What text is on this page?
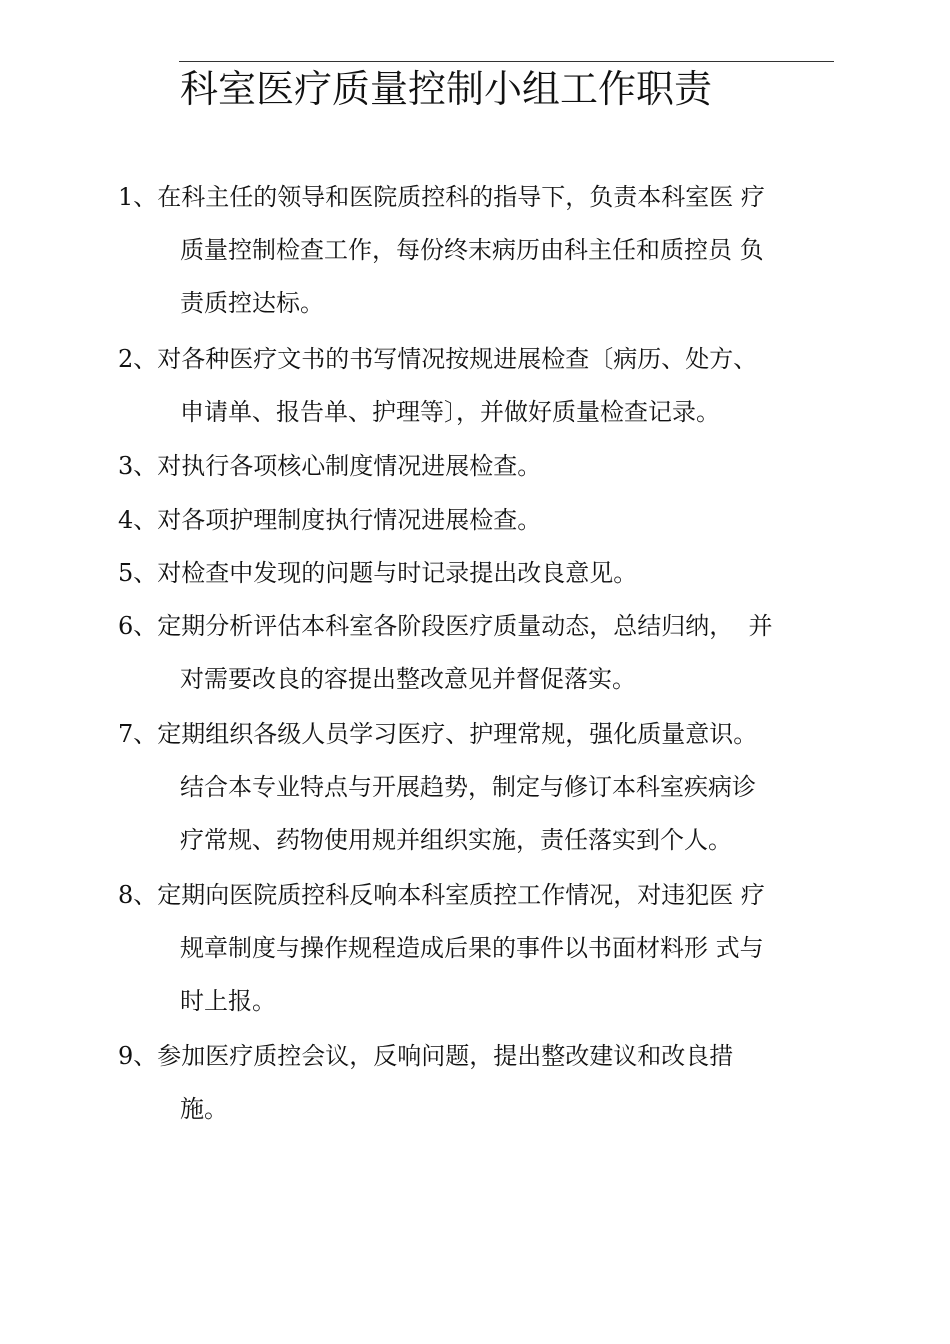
科室医疗质量控制小组工作职责
1、在科主任的领导和医院质控科的指导下，负责本科室医 疗
质量控制检查工作，每份终末病历由科主任和质控员 负
责质控达标。
2、对各种医疗文书的书写情况按规进展检查〔病历、处方、
申请单、报告单、护理等〕，并做好质量检查记录。
3、对执行各项核心制度情况进展检查。
4、对各项护理制度执行情况进展检查。
5、对检查中发现的问题与时记录提出改良意见。
6、定期分析评估本科室各阶段医疗质量动态，总结归纳，  并
对需要改良的容提出整改意见并督促落实。
7、定期组织各级人员学习医疗、护理常规，强化质量意识。
结合本专业特点与开展趋势，制定与修订本科室疾病诊
疗常规、药物使用规并组织实施，责任落实到个人。
8、定期向医院质控科反响本科室质控工作情况，对违犯医 疗
规章制度与操作规程造成后果的事件以书面材料形 式与
时上报。
9、参加医疗质控会议，反响问题，提出整改建议和改良措
施。
